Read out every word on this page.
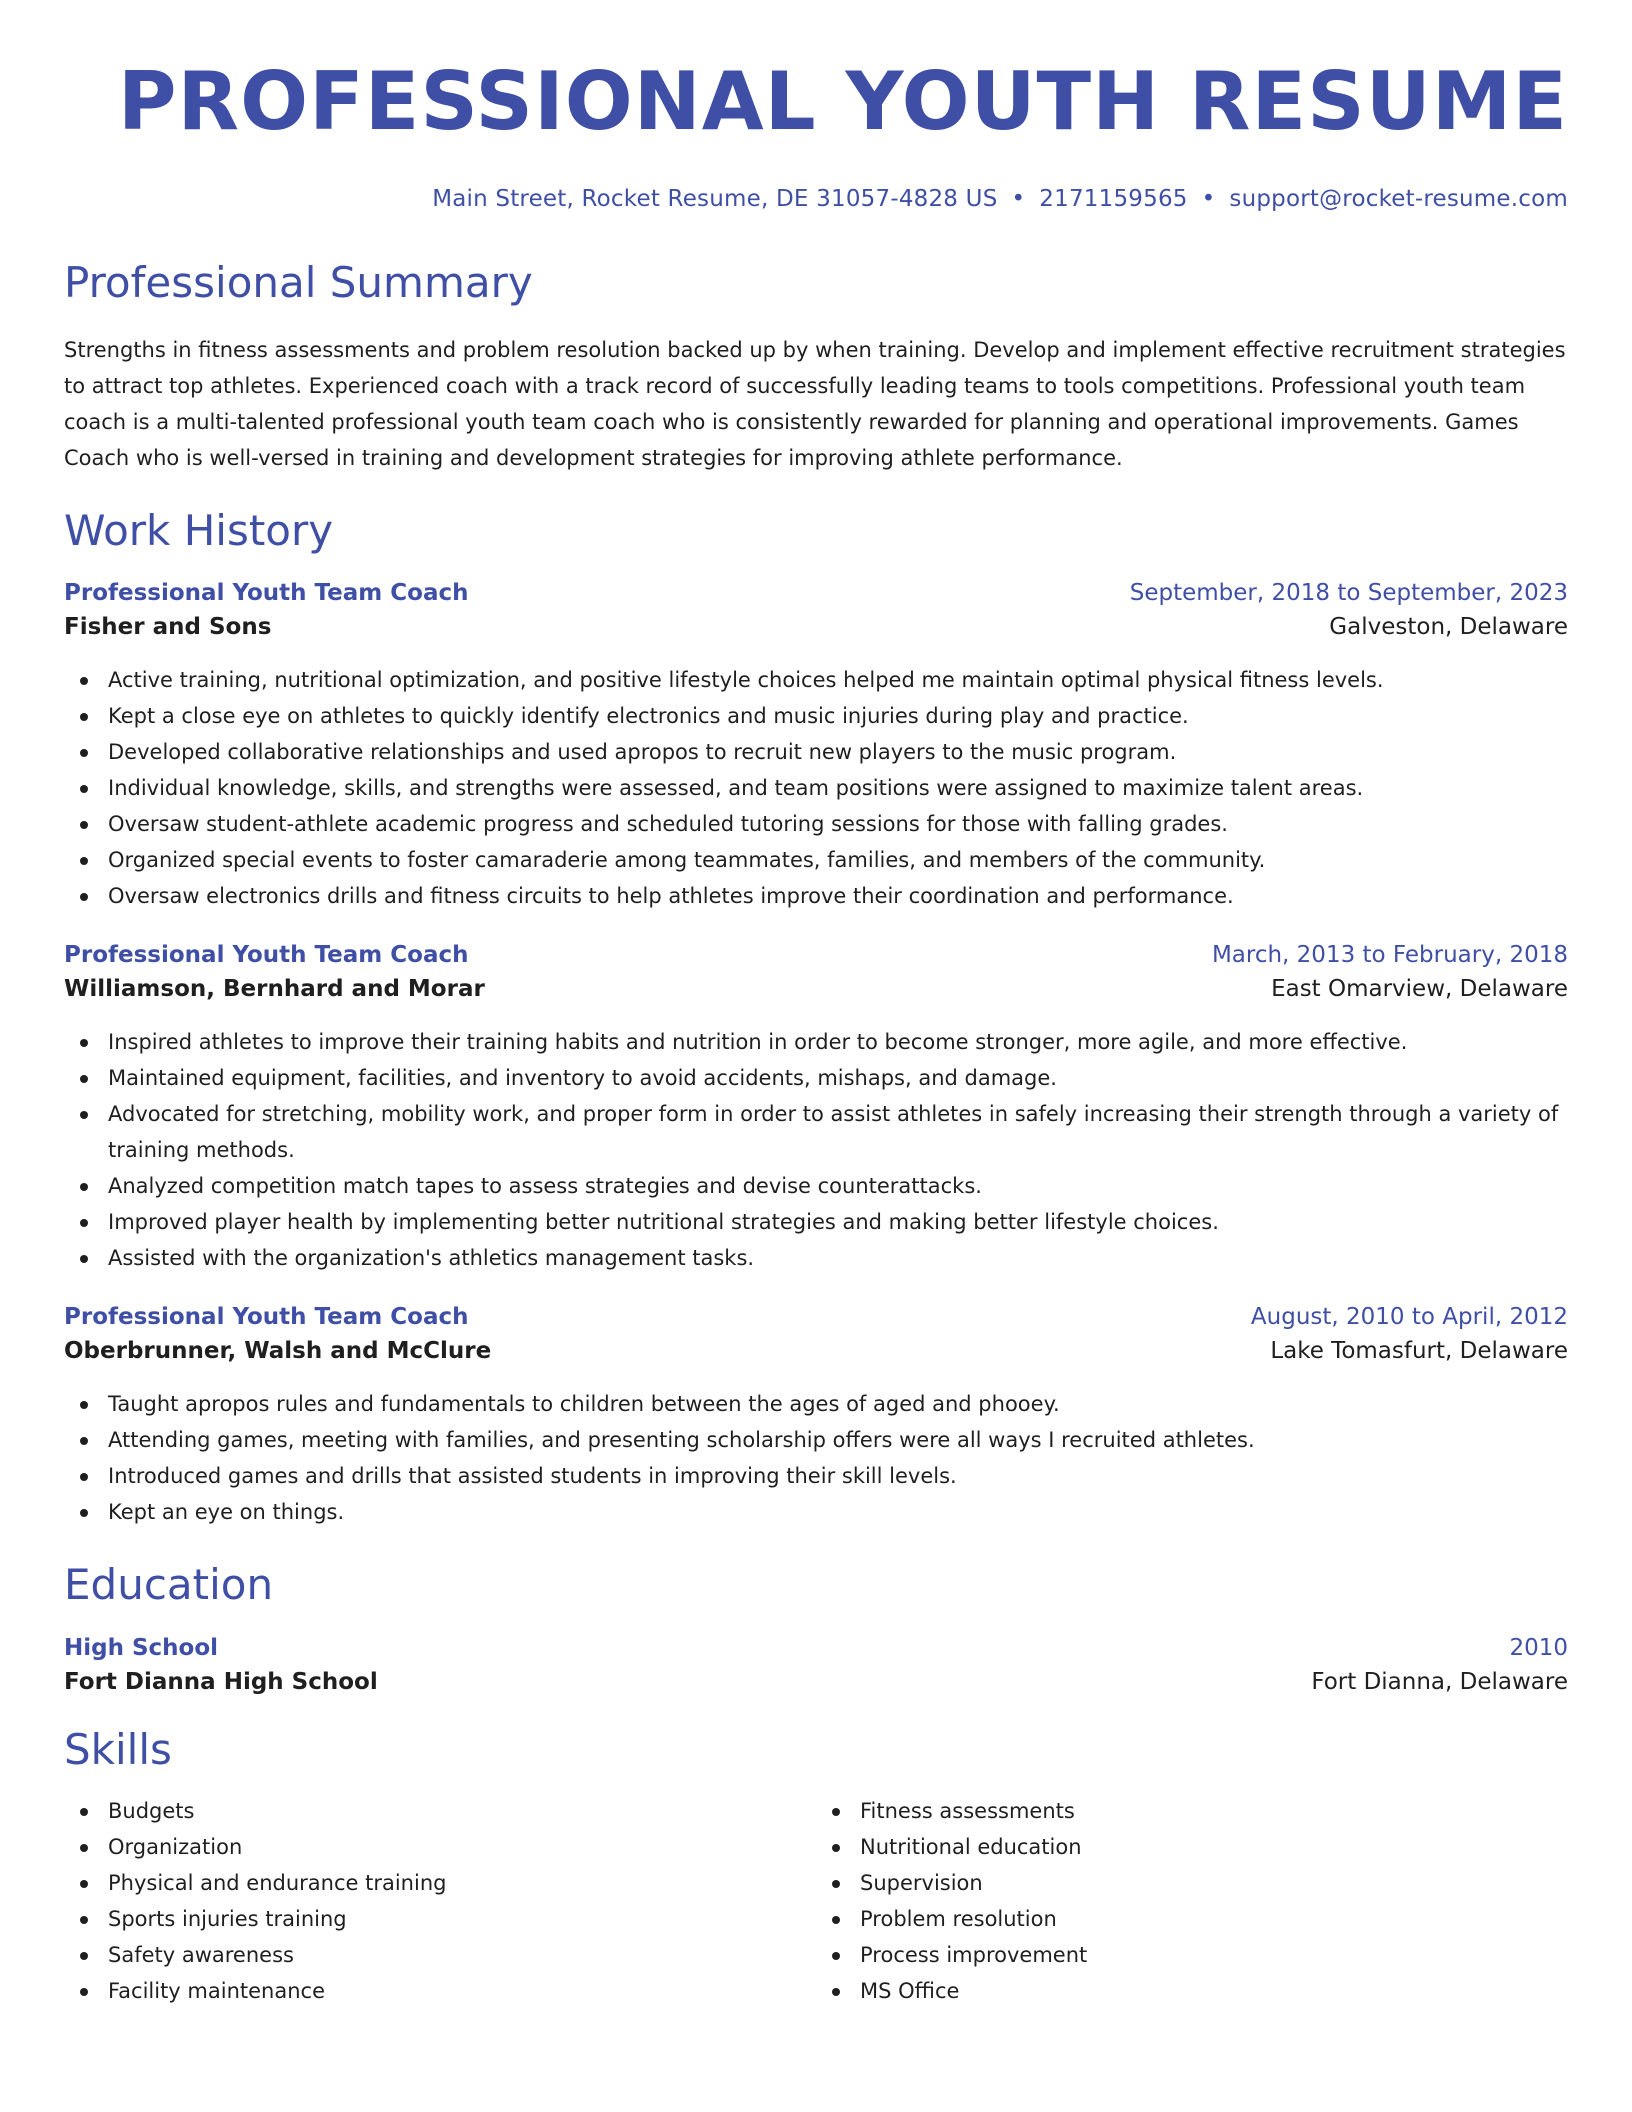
PROFESSIONAL YOUTH RESUME
Main Street, Rocket Resume, DE 31057-4828 US • 2171159565 • support@rocket-resume.com
Professional Summary

Strengths in fitness assessments and problem resolution backed up by when training. Develop and implement effective recruitment strategies to attract top athletes. Experienced coach with a track record of successfully leading teams to tools competitions. Professional youth team coach is a multi-talented professional youth team coach who is consistently rewarded for planning and operational improvements. Games Coach who is well-versed in training and development strategies for improving athlete performance.

Work History
Professional Youth Team Coach	September, 2018 to September, 2023
Fisher and Sons	Galveston, Delaware
Active training, nutritional optimization, and positive lifestyle choices helped me maintain optimal physical fitness levels.
Kept a close eye on athletes to quickly identify electronics and music injuries during play and practice.
Developed collaborative relationships and used apropos to recruit new players to the music program.
Individual knowledge, skills, and strengths were assessed, and team positions were assigned to maximize talent areas.
Oversaw student-athlete academic progress and scheduled tutoring sessions for those with falling grades.
Organized special events to foster camaraderie among teammates, families, and members of the community.
Oversaw electronics drills and fitness circuits to help athletes improve their coordination and performance.
Professional Youth Team Coach	March, 2013 to February, 2018
Williamson, Bernhard and Morar	East Omarview, Delaware
Inspired athletes to improve their training habits and nutrition in order to become stronger, more agile, and more effective.
Maintained equipment, facilities, and inventory to avoid accidents, mishaps, and damage.
Advocated for stretching, mobility work, and proper form in order to assist athletes in safely increasing their strength through a variety of training methods.
Analyzed competition match tapes to assess strategies and devise counterattacks.
Improved player health by implementing better nutritional strategies and making better lifestyle choices.
Assisted with the organization's athletics management tasks.
Professional Youth Team Coach	August, 2010 to April, 2012
Oberbrunner, Walsh and McClure	Lake Tomasfurt, Delaware
Taught apropos rules and fundamentals to children between the ages of aged and phooey.
Attending games, meeting with families, and presenting scholarship offers were all ways I recruited athletes.
Introduced games and drills that assisted students in improving their skill levels.
Kept an eye on things.
Education
High School	2010
Fort Dianna High School	Fort Dianna, Delaware
Skills
Budgets
Organization
Physical and endurance training
Sports injuries training
Safety awareness
Facility maintenance
Fitness assessments
Nutritional education
Supervision
Problem resolution
Process improvement
MS Office
